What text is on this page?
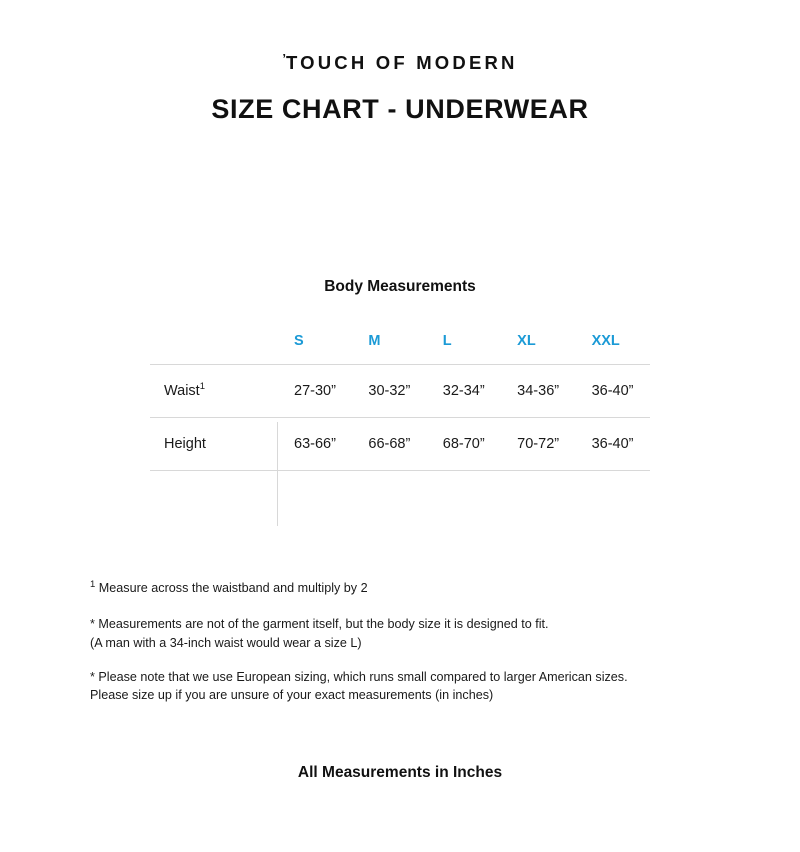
’TOUCH OF MODERN
SIZE CHART - UNDERWEAR
Body Measurements

	S	M	L	XL	XXL

Waist$^1$	27-30”	30-32”	32-34”	34-36”	36-40”

Height	63-66”	66-68”	68-70”	70-72”	36-40”

$^1$ Measure across the waistband and multiply by 2

* Measurements are not of the garment itself, but the body size it is designed to fit.

(A man with a 34-inch waist would wear a size L)

* Please note that we use European sizing, which runs small compared to larger American sizes.

Please size up if you are unsure of your exact measurements (in inches)

All Measurements in Inches
